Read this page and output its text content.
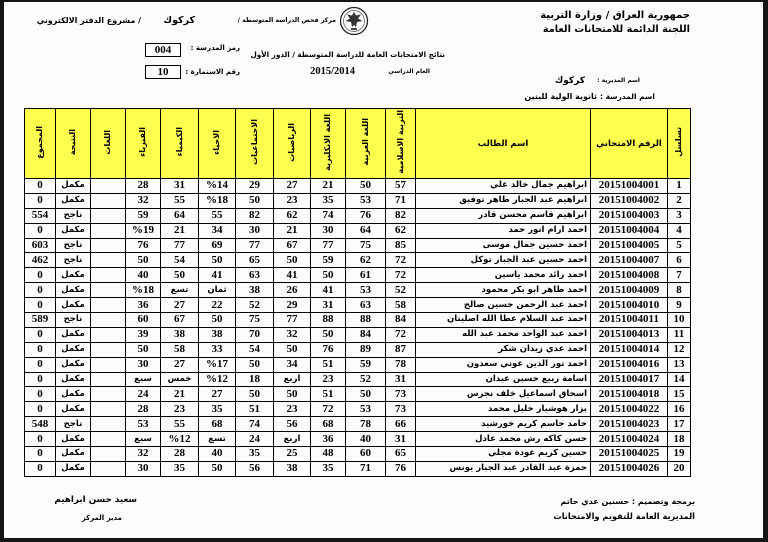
جمهورية العراق / وزارة التربية
اللجنة الدائمة للامتحانات العامة
مركز فحص الدراسة المتوسطة /
كركوك
/ مشروع الدفتر الالكتروني
نتائج الامتحانات العامة للدراسة المتوسطة / الدور الأول
رمز المدرسة :
004
العام الدراسي
2015/2014
رقم الاستمارة :
10
اسم المديرية :
كركوك
اسم المدرسة :
ثانوية الولية للبنين
تسلسل	الرقم الامتحاني	اسم الطالب	التربية الاسلامية	اللغة العربية	اللغة الانكليزية	الرياضيات	الاجتماعيات	الاحياء	الكيمياء	الفيزياء	اللغات	النتيجة	المجموع
1	20151004001	ابراهيم جمال خالد علي	57	50	21	27	29	%14	31	28		مكمل	0
2	20151004002	ابراهيم عبد الجبار طاهر توفيق	71	53	35	23	50	%18	55	32		مكمل	0
3	20151004003	ابراهيم قاسم محسن قادر	82	76	74	62	82	55	64	59		ناجح	554
4	20151004004	احمد ارام انور حمد	62	64	30	21	30	34	21	%19		مكمل	0
5	20151004005	احمد حسين جمال موسى	85	75	77	67	77	69	77	76		ناجح	603
6	20151004007	احمد حسين عبد الجبار توكل	72	62	59	50	65	50	54	50		ناجح	462
7	20151004008	احمد رائد محمد ياسين	72	61	50	41	63	41	50	40		مكمل	0
8	20151004009	احمد طاهر ابو بكر محمود	52	53	41	26	38	ثمان	تسع	%18		مكمل	0
9	20151004010	احمد عبد الرحمن حسين صالح	58	63	31	29	52	22	27	36		مكمل	0
10	20151004011	احمد عبد السلام عطا الله اصليتان	84	88	88	77	75	50	67	60		ناجح	589
11	20151004013	احمد عبد الواحد محمد عبد الله	72	84	50	32	70	38	38	39		مكمل	0
12	20151004014	احمد عدي زيدان شكر	87	89	76	50	54	33	58	50		مكمل	0
13	20151004016	احمد نور الدين عوني سعدون	78	59	51	34	50	%17	27	30		مكمل	0
14	20151004017	اسامة ربيع حسين عيدان	31	52	23	اربع	18	%12	خمس	سبع		مكمل	0
15	20151004018	اسحاق اسماعيل خلف نجرس	73	50	51	50	50	27	21	24		مكمل	0
16	20151004022	بزار هوشيار خليل محمد	73	53	72	23	51	35	23	28		مكمل	0
17	20151004023	حامد جاسم كريم خورشيد	66	78	68	56	74	68	55	53		ناجح	548
18	20151004024	حسن كاكه رش محمد عادل	31	40	36	اربع	24	تسع	%12	سبع		مكمل	0
19	20151004025	حسين كريم عودة مجلي	65	60	48	25	35	40	28	32		مكمل	0
20	20151004026	حمزة عبد القادر عبد الجبار يونس	76	71	35	38	56	50	35	30		مكمل	0
برمجة وتصميم : حسنين عدي حاتم
المديرية العامة للتقويم والامتحانات
سعيد حسن ابراهيم
مدير المركز
